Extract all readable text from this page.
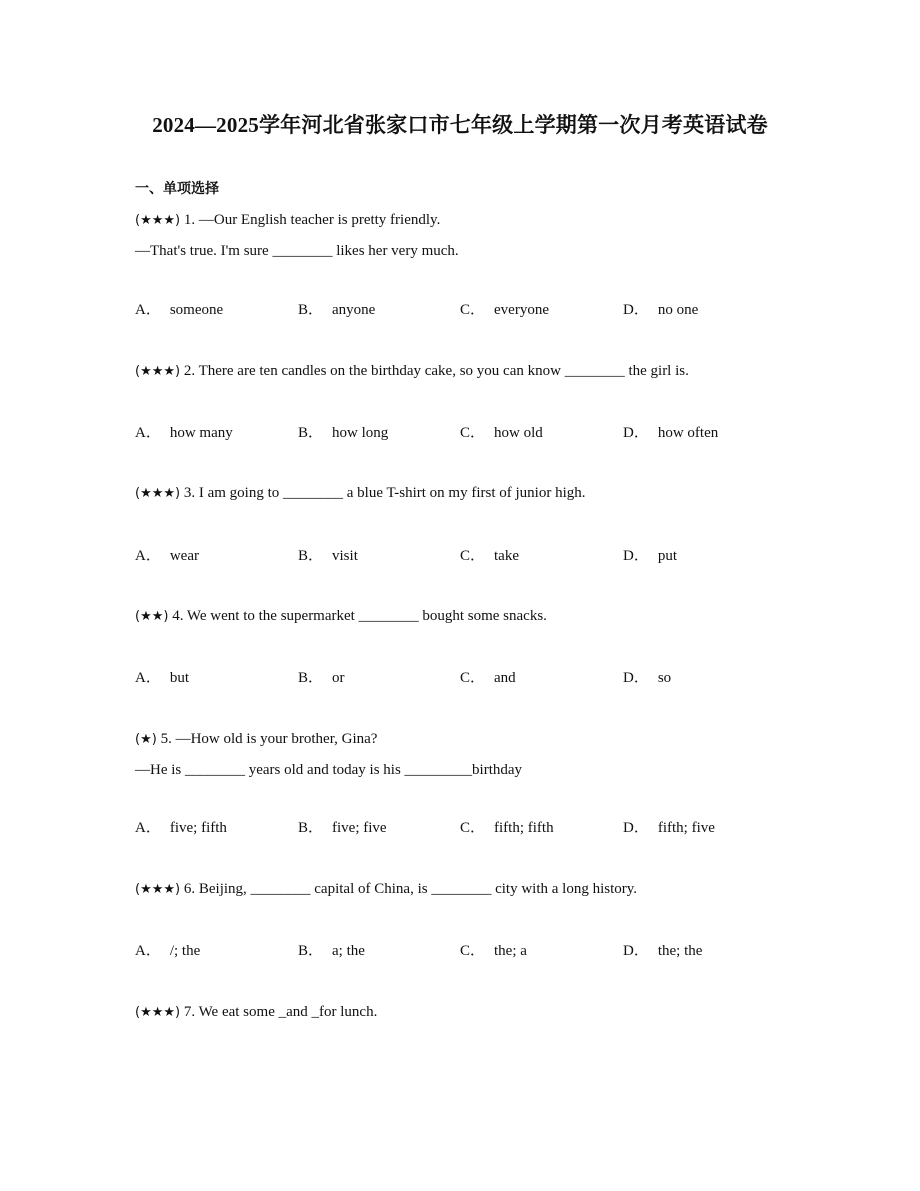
2024—2025学年河北省张家口市七年级上学期第一次月考英语试卷
一、单项选择
(★★★) 1. —Our English teacher is pretty friendly.
—That's true. I'm sure ________ likes her very much.
A． someone	B． anyone	C． everyone	D． no one
(★★★) 2. There are ten candles on the birthday cake, so you can know ________ the girl is.
A． how many	B． how long	C． how old	D． how often
(★★★) 3. I am going to ________ a blue T-shirt on my first of junior high.
A． wear	B． visit	C． take	D． put
(★★) 4. We went to the supermarket ________ bought some snacks.
A． but	B． or	C． and	D． so
(★) 5. —How old is your brother, Gina?
—He is ________ years old and today is his _________birthday
A． five; fifth	B． five; five	C． fifth; fifth	D． fifth; five
(★★★) 6. Beijing, ________ capital of China, is ________ city with a long history.
A． /; the	B． a; the	C． the; a	D． the; the
(★★★) 7. We eat some _and _for lunch.
